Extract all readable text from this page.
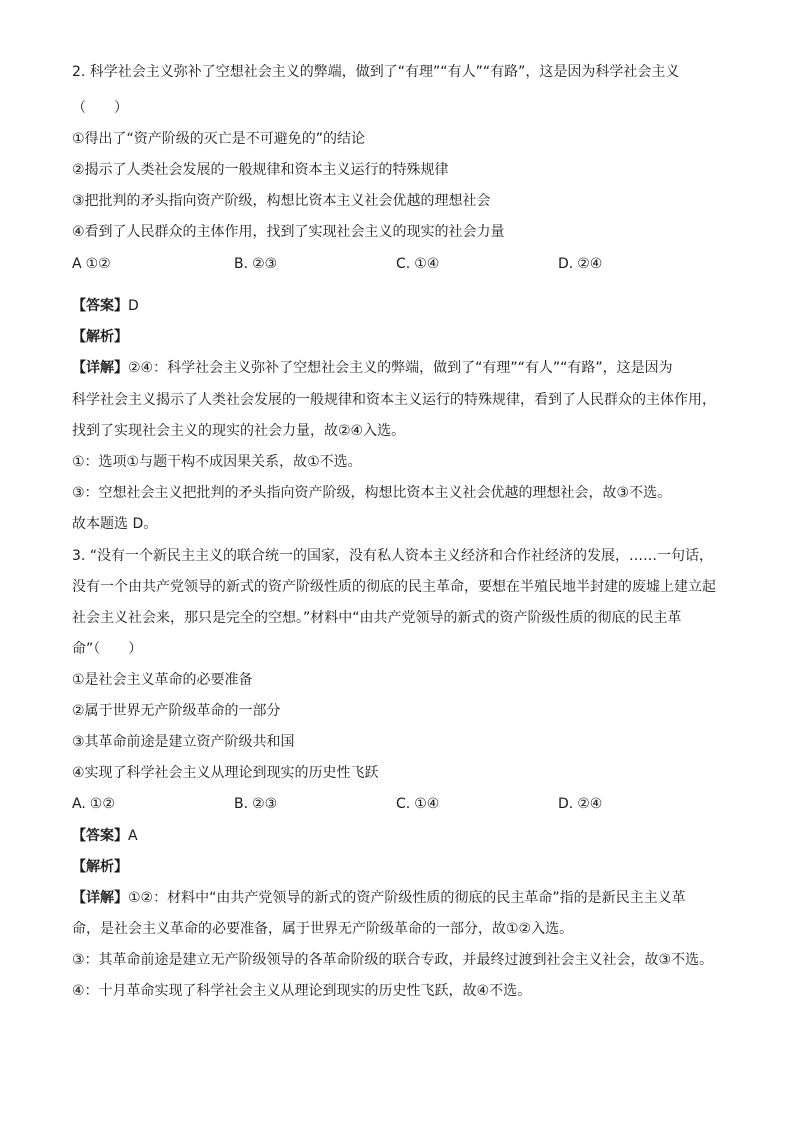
2. 科学社会主义弥补了空想社会主义的弊端，做到了“有理”“有人”“有路”，这是因为科学社会主义
（　　）
①得出了“资产阶级的灭亡是不可避免的”的结论
②揭示了人类社会发展的一般规律和资本主义运行的特殊规律
③把批判的矛头指向资产阶级，构想比资本主义社会优越的理想社会
④看到了人民群众的主体作用，找到了实现社会主义的现实的社会力量
A ①②	B. ②③	C. ①④	D. ②④
【答案】D
【解析】
【详解】②④：科学社会主义弥补了空想社会主义的弊端，做到了“有理”“有人”“有路”，这是因为
科学社会主义揭示了人类社会发展的一般规律和资本主义运行的特殊规律，看到了人民群众的主体作用，
找到了实现社会主义的现实的社会力量，故②④入选。
①：选项①与题干构不成因果关系，故①不选。
③：空想社会主义把批判的矛头指向资产阶级，构想比资本主义社会优越的理想社会，故③不选。
故本题选 D。
3. “没有一个新民主主义的联合统一的国家，没有私人资本主义经济和合作社经济的发展，……一句话，
没有一个由共产党领导的新式的资产阶级性质的彻底的民主革命，要想在半殖民地半封建的废墟上建立起
社会主义社会来，那只是完全的空想。”材料中“由共产党领导的新式的资产阶级性质的彻底的民主革
命”（　　）
①是社会主义革命的必要准备
②属于世界无产阶级革命的一部分
③其革命前途是建立资产阶级共和国
④实现了科学社会主义从理论到现实的历史性飞跃
A. ①②	B. ②③	C. ①④	D. ②④
【答案】A
【解析】
【详解】①②：材料中“由共产党领导的新式的资产阶级性质的彻底的民主革命”指的是新民主主义革
命，是社会主义革命的必要准备，属于世界无产阶级革命的一部分，故①②入选。
③：其革命前途是建立无产阶级领导的各革命阶级的联合专政，并最终过渡到社会主义社会，故③不选。
④：十月革命实现了科学社会主义从理论到现实的历史性飞跃，故④不选。
